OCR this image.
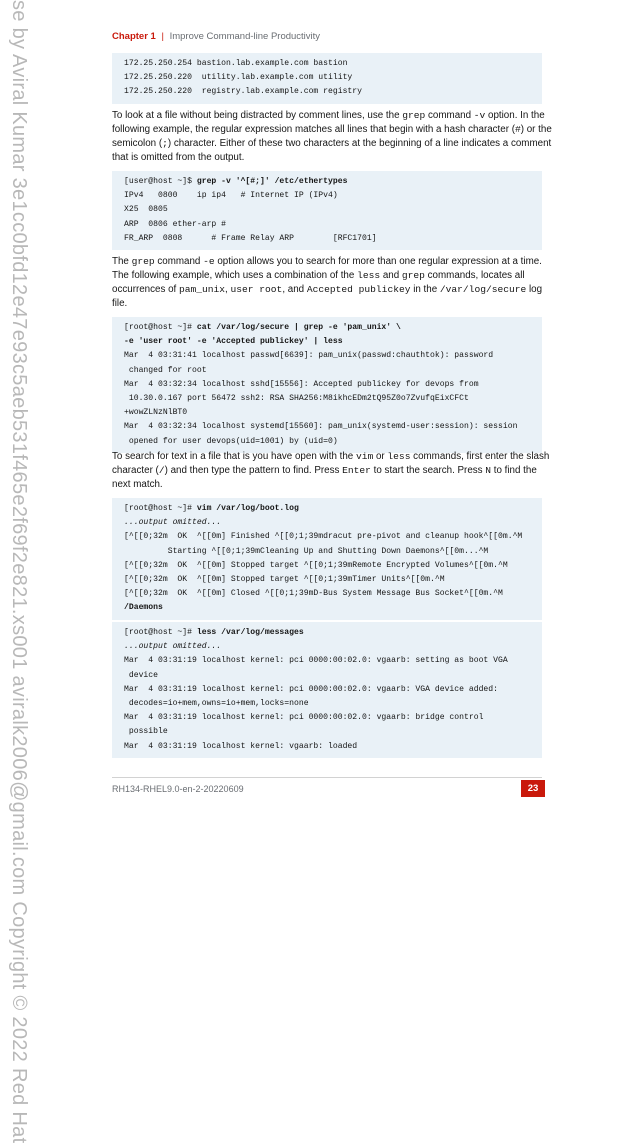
se by Aviral Kumar 3e1cc0bfd12e47e93c5aeb531f465e2f69f2e821.xs001 aviralk2006@gmail.com Copyright © 2022 Red Hat	Chapter 1 | Improve Command-line Productivity
172.25.250.254 bastion.lab.example.com bastion
172.25.250.220  utility.lab.example.com utility
172.25.250.220  registry.lab.example.com registry
To look at a file without being distracted by comment lines, use the grep command -v option. In the following example, the regular expression matches all lines that begin with a hash character (#) or the semicolon (;) character. Either of these two characters at the beginning of a line indicates a comment that is omitted from the output.
[user@host ~]$ grep -v '^[#;]' /etc/ethertypes
IPv4   0800    ip ip4   # Internet IP (IPv4)
X25  0805
ARP  0806 ether-arp #
FR_ARP  0808      # Frame Relay ARP        [RFC1701]
The grep command -e option allows you to search for more than one regular expression at a time. The following example, which uses a combination of the less and grep commands, locates all occurrences of pam_unix, user root, and Accepted publickey in the /var/log/secure log file.
[root@host ~]# cat /var/log/secure | grep -e 'pam_unix' \
-e 'user root' -e 'Accepted publickey' | less
Mar  4 03:31:41 localhost passwd[6639]: pam_unix(passwd:chauthtok): password
changed for root
Mar  4 03:32:34 localhost sshd[15556]: Accepted publickey for devops from
10.30.0.167 port 56472 ssh2: RSA SHA256:M8ikhcEDm2tQ95Z0o7ZvufqEixCFCt
+wowZLNzNlBT0
Mar  4 03:32:34 localhost systemd[15560]: pam_unix(systemd-user:session): session
opened for user devops(uid=1001) by (uid=0)
To search for text in a file that is you have open with the vim or less commands, first enter the slash character (/) and then type the pattern to find. Press Enter to start the search. Press N to find the next match.
[root@host ~]# vim /var/log/boot.log
...output omitted...
[^[[0;32m  OK  ^[[0m] Finished ^[[0;1;39mdracut pre-pivot and cleanup hook^[[0m.^M
Starting ^[[0;1;39mCleaning Up and Shutting Down Daemons^[[0m...^M
[^[[0;32m  OK  ^[[0m] Stopped target ^[[0;1;39mRemote Encrypted Volumes^[[0m.^M
[^[[0;32m  OK  ^[[0m] Stopped target ^[[0;1;39mTimer Units^[[0m.^M
[^[[0;32m  OK  ^[[0m] Closed ^[[0;1;39mD-Bus System Message Bus Socket^[[0m.^M
/Daemons
[root@host ~]# less /var/log/messages
...output omitted...
Mar  4 03:31:19 localhost kernel: pci 0000:00:02.0: vgaarb: setting as boot VGA
device
Mar  4 03:31:19 localhost kernel: pci 0000:00:02.0: vgaarb: VGA device added:
decodes=io+mem,owns=io+mem,locks=none
Mar  4 03:31:19 localhost kernel: pci 0000:00:02.0: vgaarb: bridge control
possible
Mar  4 03:31:19 localhost kernel: vgaarb: loaded
RH134-RHEL9.0-en-2-20220609	23
